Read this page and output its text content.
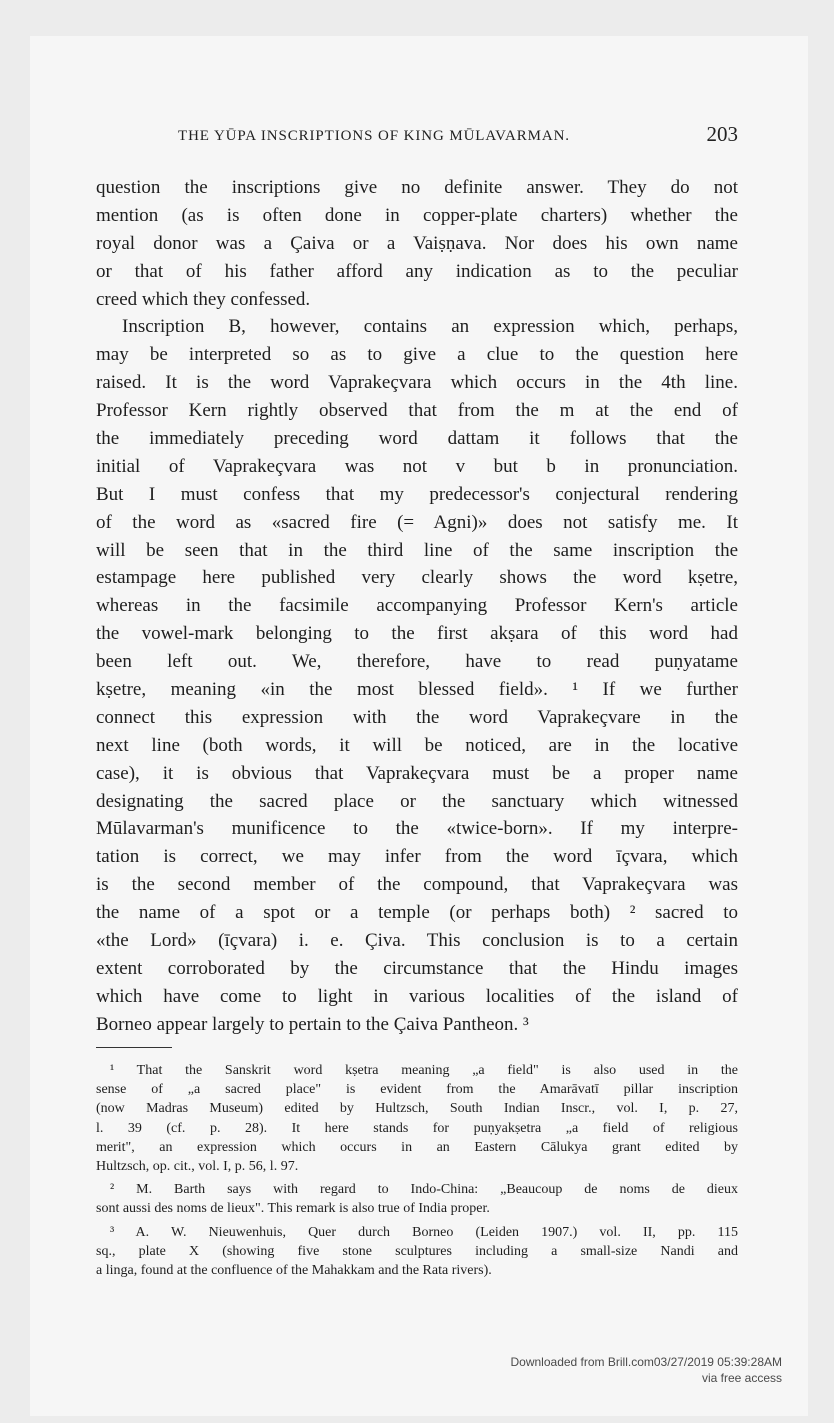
THE YŪPA INSCRIPTIONS OF KING MŪLAVARMAN.	203
question the inscriptions give no definite answer. They do not
mention (as is often done in copper-plate charters) whether the
royal donor was a Çaiva or a Vaiṣṇava. Nor does his own name
or that of his father afford any indication as to the peculiar
creed which they confessed.
Inscription B, however, contains an expression which, perhaps,
may be interpreted so as to give a clue to the question here
raised. It is the word Vaprakeçvara which occurs in the 4th line.
Professor Kern rightly observed that from the m at the end of
the immediately preceding word dattam it follows that the
initial of Vaprakeçvara was not v but b in pronunciation.
But I must confess that my predecessor's conjectural rendering
of the word as «sacred fire (= Agni)» does not satisfy me. It
will be seen that in the third line of the same inscription the
estampage here published very clearly shows the word kṣetre,
whereas in the facsimile accompanying Professor Kern's article
the vowel-mark belonging to the first akṣara of this word had
been left out. We, therefore, have to read puṇyatame
kṣetre, meaning «in the most blessed field». ¹ If we further
connect this expression with the word Vaprakeçvare in the
next line (both words, it will be noticed, are in the locative
case), it is obvious that Vaprakeçvara must be a proper name
designating the sacred place or the sanctuary which witnessed
Mūlavarman's munificence to the «twice-born». If my interpre-
tation is correct, we may infer from the word īçvara, which
is the second member of the compound, that Vaprakeçvara was
the name of a spot or a temple (or perhaps both) ² sacred to
«the Lord» (īçvara) i. e. Çiva. This conclusion is to a certain
extent corroborated by the circumstance that the Hindu images
which have come to light in various localities of the island of
Borneo appear largely to pertain to the Çaiva Pantheon. ³
¹ That the Sanskrit word kṣetra meaning „a field" is also used in the
sense of „a sacred place" is evident from the Amarāvatī pillar inscription
(now Madras Museum) edited by Hultzsch, South Indian Inscr., vol. I, p. 27,
l. 39 (cf. p. 28). It here stands for puṇyakṣetra „a field of religious
merit", an expression which occurs in an Eastern Cālukya grant edited by
Hultzsch, op. cit., vol. I, p. 56, l. 97.
² M. Barth says with regard to Indo-China: „Beaucoup de noms de dieux
sont aussi des noms de lieux". This remark is also true of India proper.
³ A. W. Nieuwenhuis, Quer durch Borneo (Leiden 1907.) vol. II, pp. 115
sq., plate X (showing five stone sculptures including a small-size Nandi and
a linga, found at the confluence of the Mahakkam and the Rata rivers).
Downloaded from Brill.com03/27/2019 05:39:28AM
via free access
